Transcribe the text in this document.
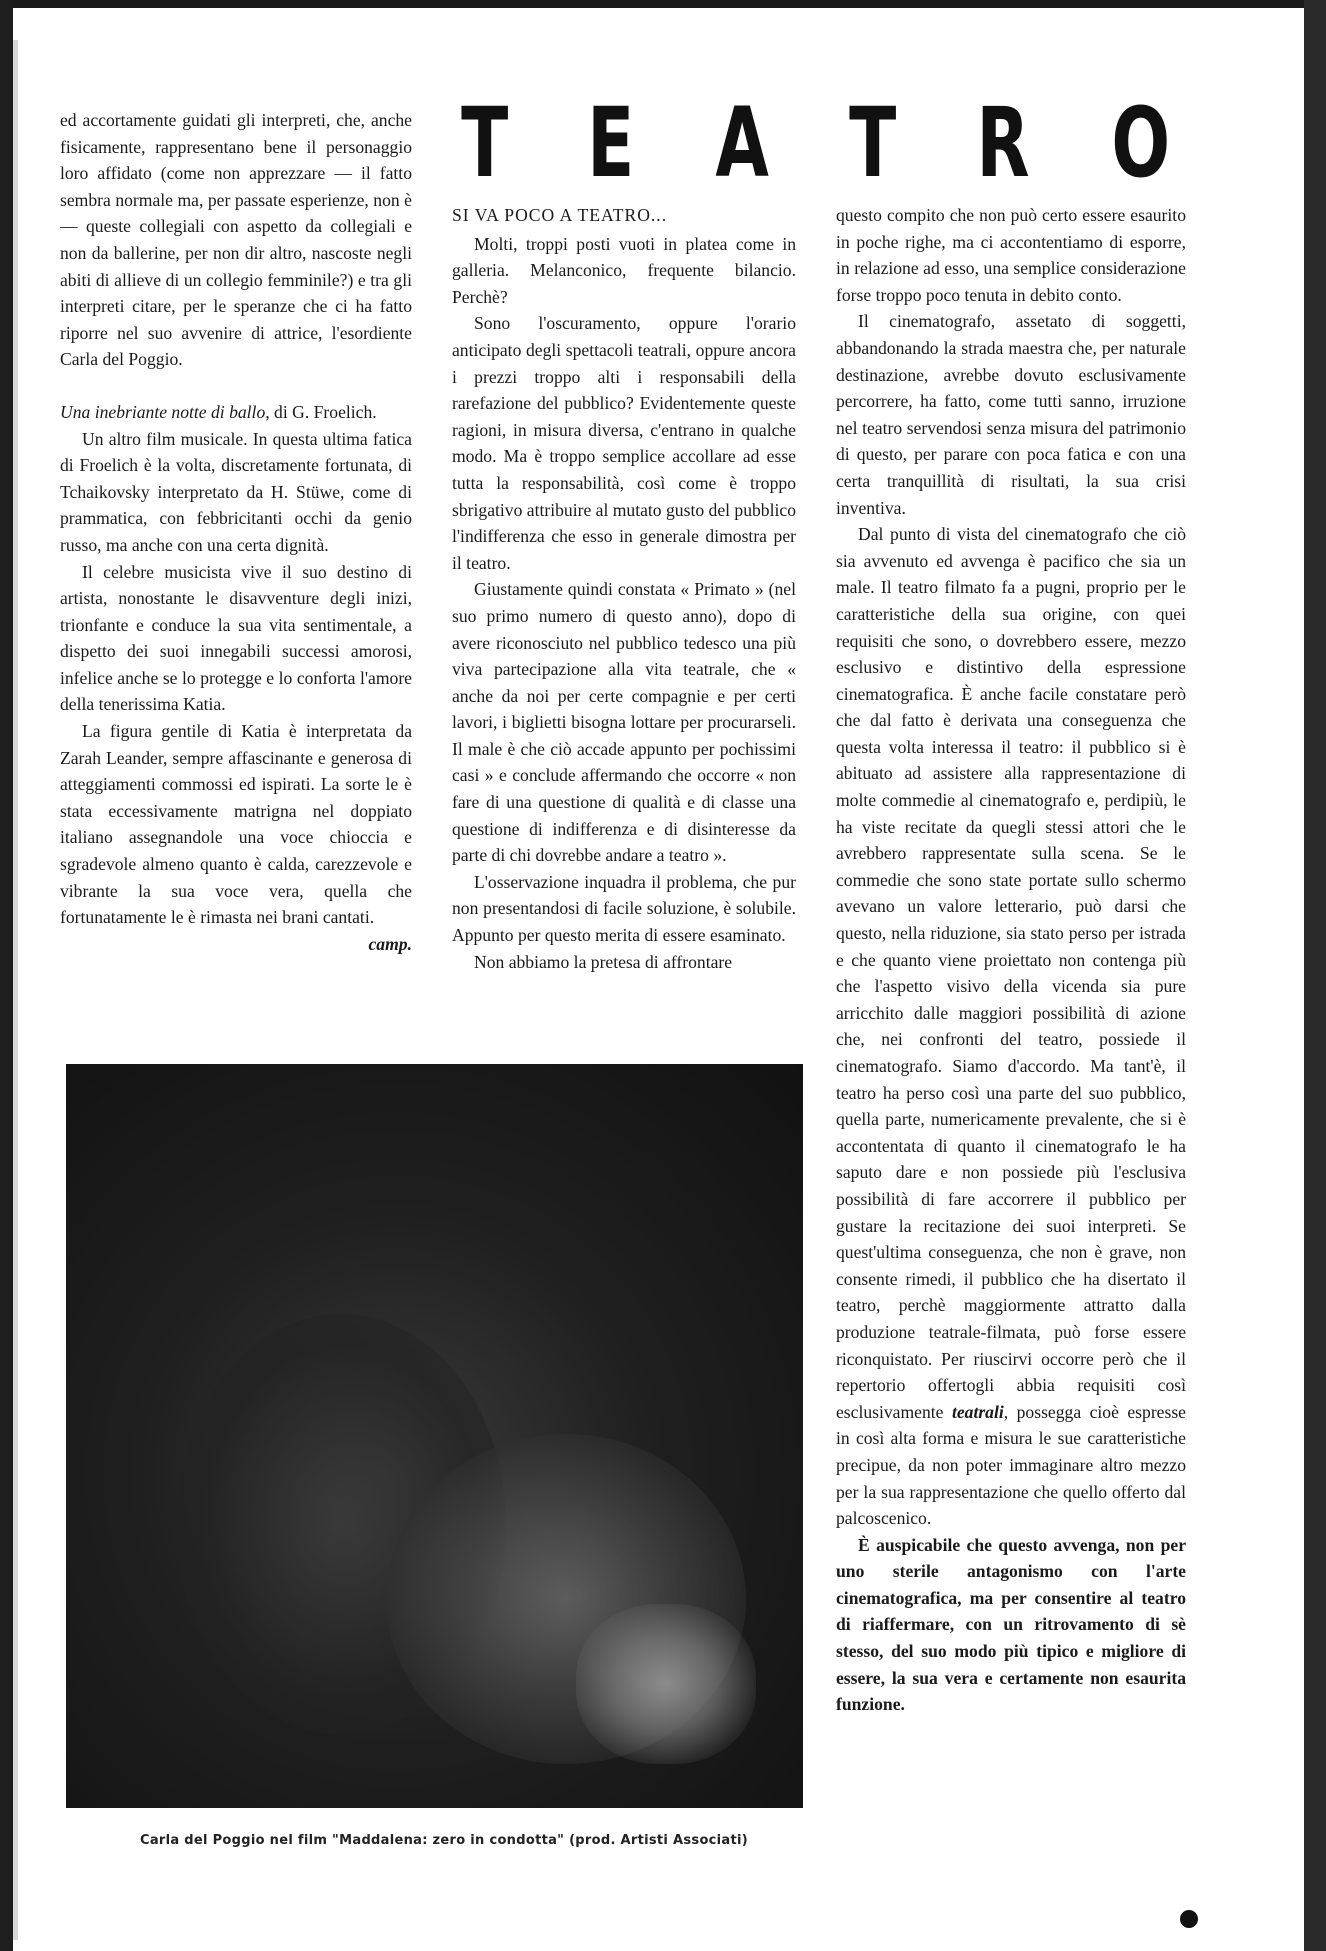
ed accortamente guidati gli interpreti, che, anche fisicamente, rappresentano bene il personaggio loro affidato (come non apprezzare — il fatto sembra normale ma, per passate esperienze, non è — queste collegiali con aspetto da collegiali e non da ballerine, per non dir altro, nascoste negli abiti di allieve di un collegio femminile?) e tra gli interpreti citare, per le speranze che ci ha fatto riporre nel suo avvenire di attrice, l'esordiente Carla del Poggio.

Una inebriante notte di ballo, di G. Froelich.

Un altro film musicale. In questa ultima fatica di Froelich è la volta, discretamente fortunata, di Tchaikovsky interpretato da H. Stüwe, come di prammatica, con febbricitanti occhi da genio russo, ma anche con una certa dignità.

Il celebre musicista vive il suo destino di artista, nonostante le disavventure degli inizi, trionfante e conduce la sua vita sentimentale, a dispetto dei suoi innegabili successi amorosi, infelice anche se lo protegge e lo conforta l'amore della tenerissima Katia.

La figura gentile di Katia è interpretata da Zarah Leander, sempre affascinante e generosa di atteggiamenti commossi ed ispirati. La sorte le è stata eccessivamente matrigna nel doppiato italiano assegnandole una voce chioccia e sgradevole almeno quanto è calda, carezzevole e vibrante la sua voce vera, quella che fortunatamente le è rimasta nei brani cantati.
camp.

T E A T R O

SI VA POCO A TEATRO...

Molti, troppi posti vuoti in platea come in galleria. Melanconico, frequente bilancio. Perchè?

Sono l'oscuramento, oppure l'orario anticipato degli spettacoli teatrali, oppure ancora i prezzi troppo alti i responsabili della rarefazione del pubblico? Evidentemente queste ragioni, in misura diversa, c'entrano in qualche modo. Ma è troppo semplice accollare ad esse tutta la responsabilità, così come è troppo sbrigativo attribuire al mutato gusto del pubblico l'indifferenza che esso in generale dimostra per il teatro.

Giustamente quindi constata « Primato » (nel suo primo numero di questo anno), dopo di avere riconosciuto nel pubblico tedesco una più viva partecipazione alla vita teatrale, che « anche da noi per certe compagnie e per certi lavori, i biglietti bisogna lottare per procurarseli. Il male è che ciò accade appunto per pochissimi casi » e conclude affermando che occorre « non fare di una questione di qualità e di classe una questione di indifferenza e di disinteresse da parte di chi dovrebbe andare a teatro ».

L'osservazione inquadra il problema, che pur non presentandosi di facile soluzione, è solubile. Appunto per questo merita di essere esaminato.

Non abbiamo la pretesa di affrontare

questo compito che non può certo essere esaurito in poche righe, ma ci accontentiamo di esporre, in relazione ad esso, una semplice considerazione forse troppo poco tenuta in debito conto.

Il cinematografo, assetato di soggetti, abbandonando la strada maestra che, per naturale destinazione, avrebbe dovuto esclusivamente percorrere, ha fatto, come tutti sanno, irruzione nel teatro servendosi senza misura del patrimonio di questo, per parare con poca fatica e con una certa tranquillità di risultati, la sua crisi inventiva.

Dal punto di vista del cinematografo che ciò sia avvenuto ed avvenga è pacifico che sia un male. Il teatro filmato fa a pugni, proprio per le caratteristiche della sua origine, con quei requisiti che sono, o dovrebbero essere, mezzo esclusivo e distintivo della espressione cinematografica. È anche facile constatare però che dal fatto è derivata una conseguenza che questa volta interessa il teatro: il pubblico si è abituato ad assistere alla rappresentazione di molte commedie al cinematografo e, perdipiù, le ha viste recitate da quegli stessi attori che le avrebbero rappresentate sulla scena. Se le commedie che sono state portate sullo schermo avevano un valore letterario, può darsi che questo, nella riduzione, sia stato perso per istrada e che quanto viene proiettato non contenga più che l'aspetto visivo della vicenda sia pure arricchito dalle maggiori possibilità di azione che, nei confronti del teatro, possiede il cinematografo. Siamo d'accordo. Ma tant'è, il teatro ha perso così una parte del suo pubblico, quella parte, numericamente prevalente, che si è accontentata di quanto il cinematografo le ha saputo dare e non possiede più l'esclusiva possibilità di fare accorrere il pubblico per gustare la recitazione dei suoi interpreti. Se quest'ultima conseguenza, che non è grave, non consente rimedi, il pubblico che ha disertato il teatro, perchè maggiormente attratto dalla produzione teatrale-filmata, può forse essere riconquistato. Per riuscirvi occorre però che il repertorio offertogli abbia requisiti così esclusivamente teatrali, possegga cioè espresse in così alta forma e misura le sue caratteristiche precipue, da non poter immaginare altro mezzo per la sua rappresentazione che quello offerto dal palcoscenico.

È auspicabile che questo avvenga, non per uno sterile antagonismo con l'arte cinematografica, ma per consentire al teatro di riaffermare, con un ritrovamento di sè stesso, del suo modo più tipico e migliore di essere, la sua vera e certamente non esaurita funzione.

Carla del Poggio nel film "Maddalena: zero in condotta" (prod. Artisti Associati)
